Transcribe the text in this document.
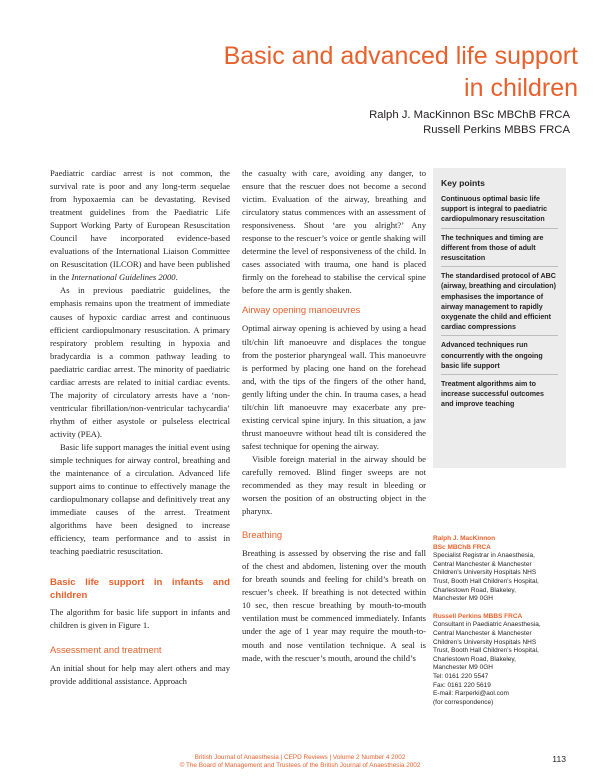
Basic and advanced life support
in children
Ralph J. MacKinnon BSc MBChB FRCA
Russell Perkins MBBS FRCA

Paediatric cardiac arrest is not common, the survival rate is poor and any long-term sequelae from hypoxaemia can be devastating. Revised treatment guidelines from the Paediatric Life Support Working Party of European Resuscitation Council have incorporated evidence-based evaluations of the International Liaison Committee on Resuscitation (ILCOR) and have been published in the International Guidelines 2000.

As in previous paediatric guidelines, the emphasis remains upon the treatment of immediate causes of hypoxic cardiac arrest and continuous efficient cardiopulmonary resuscitation. A primary respiratory problem resulting in hypoxia and bradycardia is a common pathway leading to paediatric cardiac arrest. The minority of paediatric cardiac arrests are related to initial cardiac events. The majority of circulatory arrests have a ‘non-ventricular fibrillation/non-ventricular tachycardia’ rhythm of either asystole or pulseless electrical activity (PEA).

Basic life support manages the initial event using simple techniques for airway control, breathing and the maintenance of a circulation. Advanced life support aims to continue to effectively manage the cardiopulmonary collapse and definitively treat any immediate causes of the arrest. Treatment algorithms have been designed to increase efficiency, team performance and to assist in teaching paediatric resuscitation.

Basic life support in infants and children

The algorithm for basic life support in infants and children is given in Figure 1.

Assessment and treatment

An initial shout for help may alert others and may provide additional assistance. Approach

the casualty with care, avoiding any danger, to ensure that the rescuer does not become a second victim. Evaluation of the airway, breathing and circulatory status commences with an assessment of responsiveness. Shout ‘are you alright?’ Any response to the rescuer’s voice or gentle shaking will determine the level of responsiveness of the child. In cases associated with trauma, one hand is placed firmly on the forehead to stabilise the cervical spine before the arm is gently shaken.

Airway opening manoeuvres

Optimal airway opening is achieved by using a head tilt/chin lift manoeuvre and displaces the tongue from the posterior pharyngeal wall. This manoeuvre is performed by placing one hand on the forehead and, with the tips of the fingers of the other hand, gently lifting under the chin. In trauma cases, a head tilt/chin lift manoeuvre may exacerbate any pre-existing cervical spine injury. In this situation, a jaw thrust manoeuvre without head tilt is considered the safest technique for opening the airway.

Visible foreign material in the airway should be carefully removed. Blind finger sweeps are not recommended as they may result in bleeding or worsen the position of an obstructing object in the pharynx.

Breathing

Breathing is assessed by observing the rise and fall of the chest and abdomen, listening over the mouth for breath sounds and feeling for child’s breath on rescuer’s cheek. If breathing is not detected within 10 sec, then rescue breathing by mouth-to-mouth ventilation must be commenced immediately. Infants under the age of 1 year may require the mouth-to-mouth and nose ventilation technique. A seal is made, with the rescuer’s mouth, around the child’s

Key points
Continuous optimal basic life support is integral to paediatric cardiopulmonary resuscitation
The techniques and timing are different from those of adult resuscitation
The standardised protocol of ABC (airway, breathing and circulation) emphasises the importance of airway management to rapidly oxygenate the child and efficient cardiac compressions
Advanced techniques run concurrently with the ongoing basic life support
Treatment algorithms aim to increase successful outcomes and improve teaching
Ralph J. MacKinnon
BSc MBChB FRCA
Specialist Registrar in Anaesthesia,
Central Manchester & Manchester
Children’s University Hospitals NHS
Trust, Booth Hall Children’s Hospital,
Charlestown Road, Blakeley,
Manchester M9 0GH
Russell Perkins MBBS FRCA
Consultant in Paediatric Anaesthesia,
Central Manchester & Manchester
Children’s University Hospitals NHS
Trust, Booth Hall Children’s Hospital,
Charlestown Road, Blakeley,
Manchester M9 0GH
Tel: 0161 220 5547
Fax: 0161 220 5619
E-mail: Rarperki@aol.com
(for correspondence)
British Journal of Anaesthesia | CEPD Reviews | Volume 2 Number 4 2002
© The Board of Management and Trustees of the British Journal of Anaesthesia 2002
113
